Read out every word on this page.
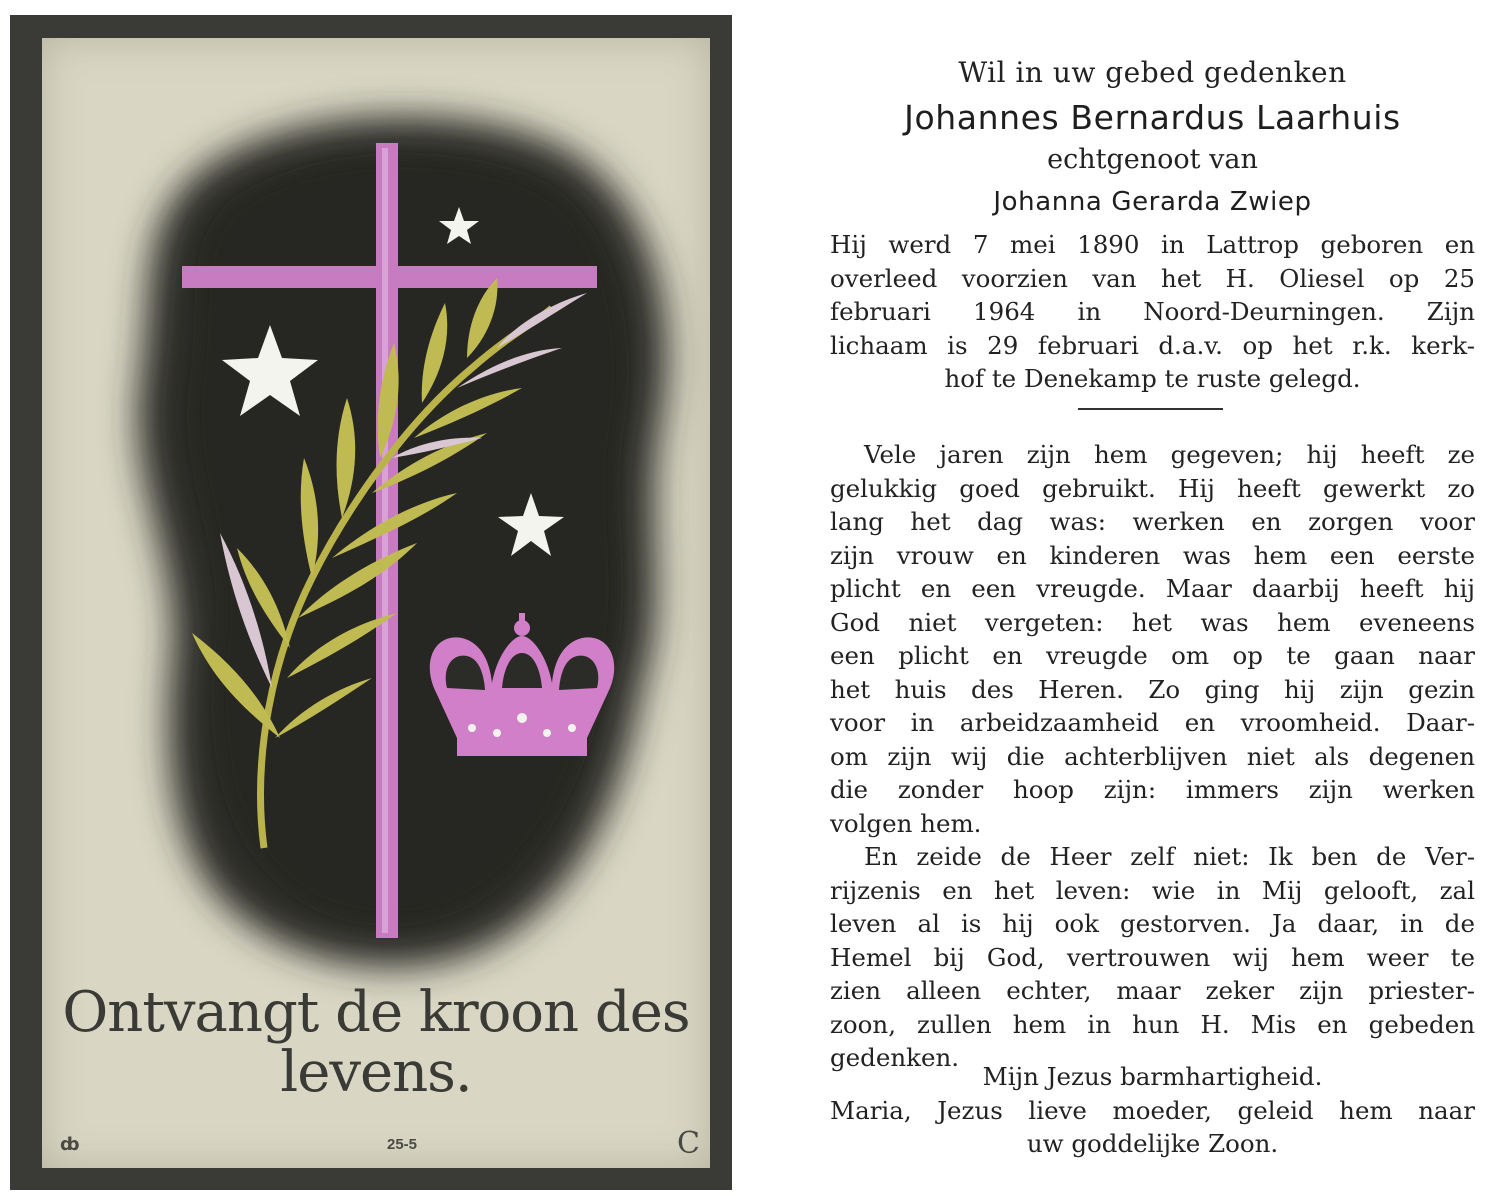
Ontvangt de kroon des
levens.
ȸ	25-5	C
Wil in uw gebed gedenken
Johannes Bernardus Laarhuis
echtgenoot van
Johanna Gerarda Zwiep
Hij werd 7 mei 1890 in Lattrop geboren en
overleed voorzien van het H. Oliesel op 25
februari 1964 in Noord-Deurningen. Zijn
lichaam is 29 februari d.a.v. op het r.k. kerk-
hof te Denekamp te ruste gelegd.
Vele jaren zijn hem gegeven; hij heeft ze
gelukkig goed gebruikt. Hij heeft gewerkt zo
lang het dag was: werken en zorgen voor
zijn vrouw en kinderen was hem een eerste
plicht en een vreugde. Maar daarbij heeft hij
God niet vergeten: het was hem eveneens
een plicht en vreugde om op te gaan naar
het huis des Heren. Zo ging hij zijn gezin
voor in arbeidzaamheid en vroomheid. Daar-
om zijn wij die achterblijven niet als degenen
die zonder hoop zijn: immers zijn werken
volgen hem.
En zeide de Heer zelf niet: Ik ben de Ver-
rijzenis en het leven: wie in Mij gelooft, zal
leven al is hij ook gestorven. Ja daar, in de
Hemel bij God, vertrouwen wij hem weer te
zien alleen echter, maar zeker zijn priester-
zoon, zullen hem in hun H. Mis en gebeden
gedenken.
Mijn Jezus barmhartigheid.
Maria, Jezus lieve moeder, geleid hem naar
uw goddelijke Zoon.
